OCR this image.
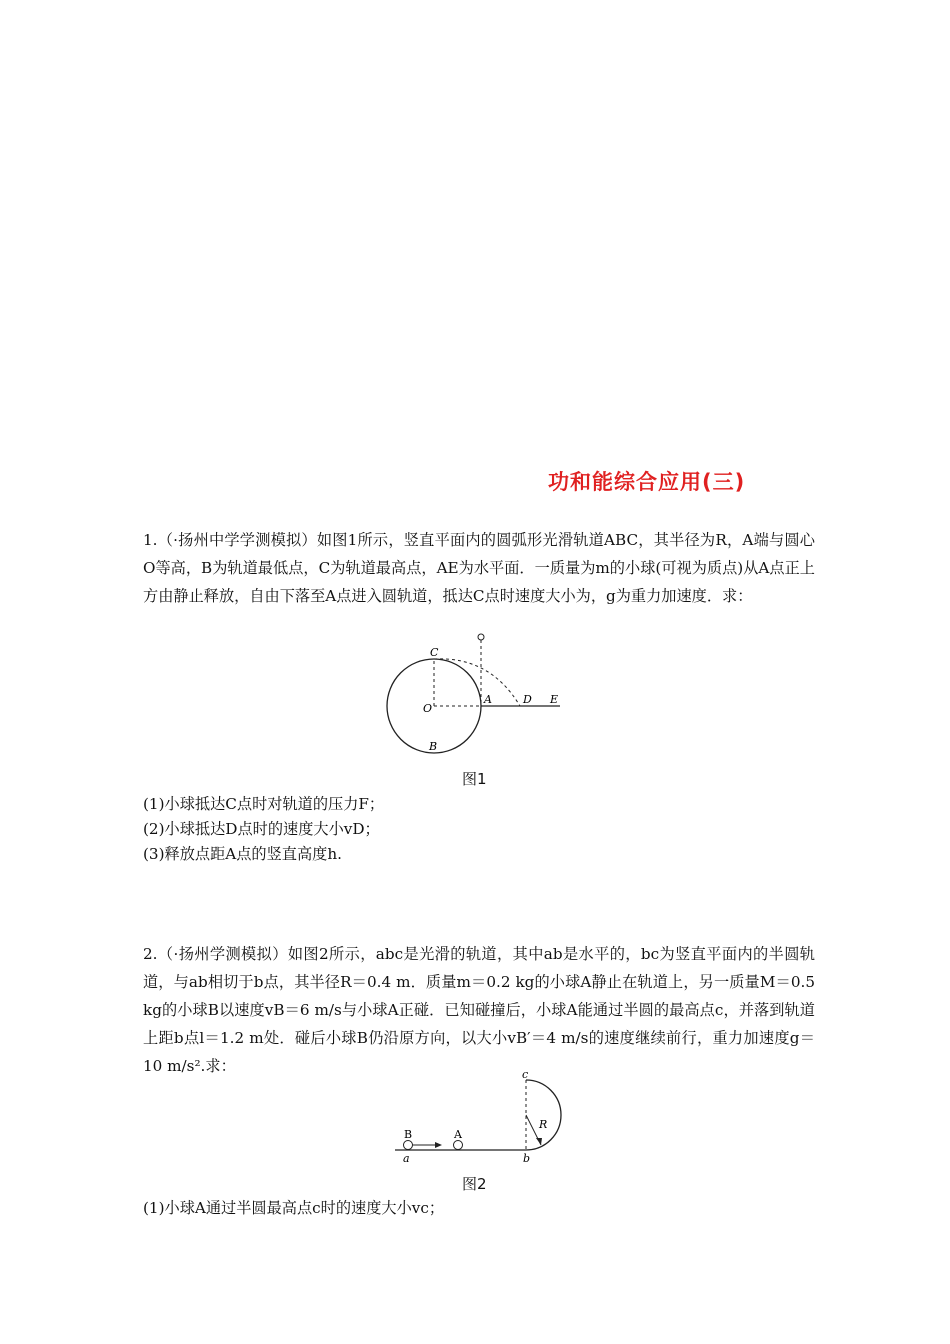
功和能综合应用(三)
1.（·扬州中学学测模拟）如图1所示，竖直平面内的圆弧形光滑轨道ABC，其半径为R，A端与圆心O等高，B为轨道最低点，C为轨道最高点，AE为水平面．一质量为m的小球(可视为质点)从A点正上方由静止释放，自由下落至A点进入圆轨道，抵达C点时速度大小为，g为重力加速度．求：
C
O
A	D E
B
图1
(1)小球抵达C点时对轨道的压力F；
(2)小球抵达D点时的速度大小vD；
(3)释放点距A点的竖直高度h.
2.（·扬州学测模拟）如图2所示，abc是光滑的轨道，其中ab是水平的，bc为竖直平面内的半圆轨道，与ab相切于b点，其半径R＝0.4 m．质量m＝0.2 kg的小球A静止在轨道上，另一质量M＝0.5 kg的小球B以速度vB＝6 m/s与小球A正碰．已知碰撞后，小球A能通过半圆的最高点c，并落到轨道上距b点l＝1.2 m处．碰后小球B仍沿原方向，以大小vB′＝4 m/s的速度继续前行，重力加速度g＝10 m/s².求：
B	A
a	b
c
R
图2
(1)小球A通过半圆最高点c时的速度大小vc；
